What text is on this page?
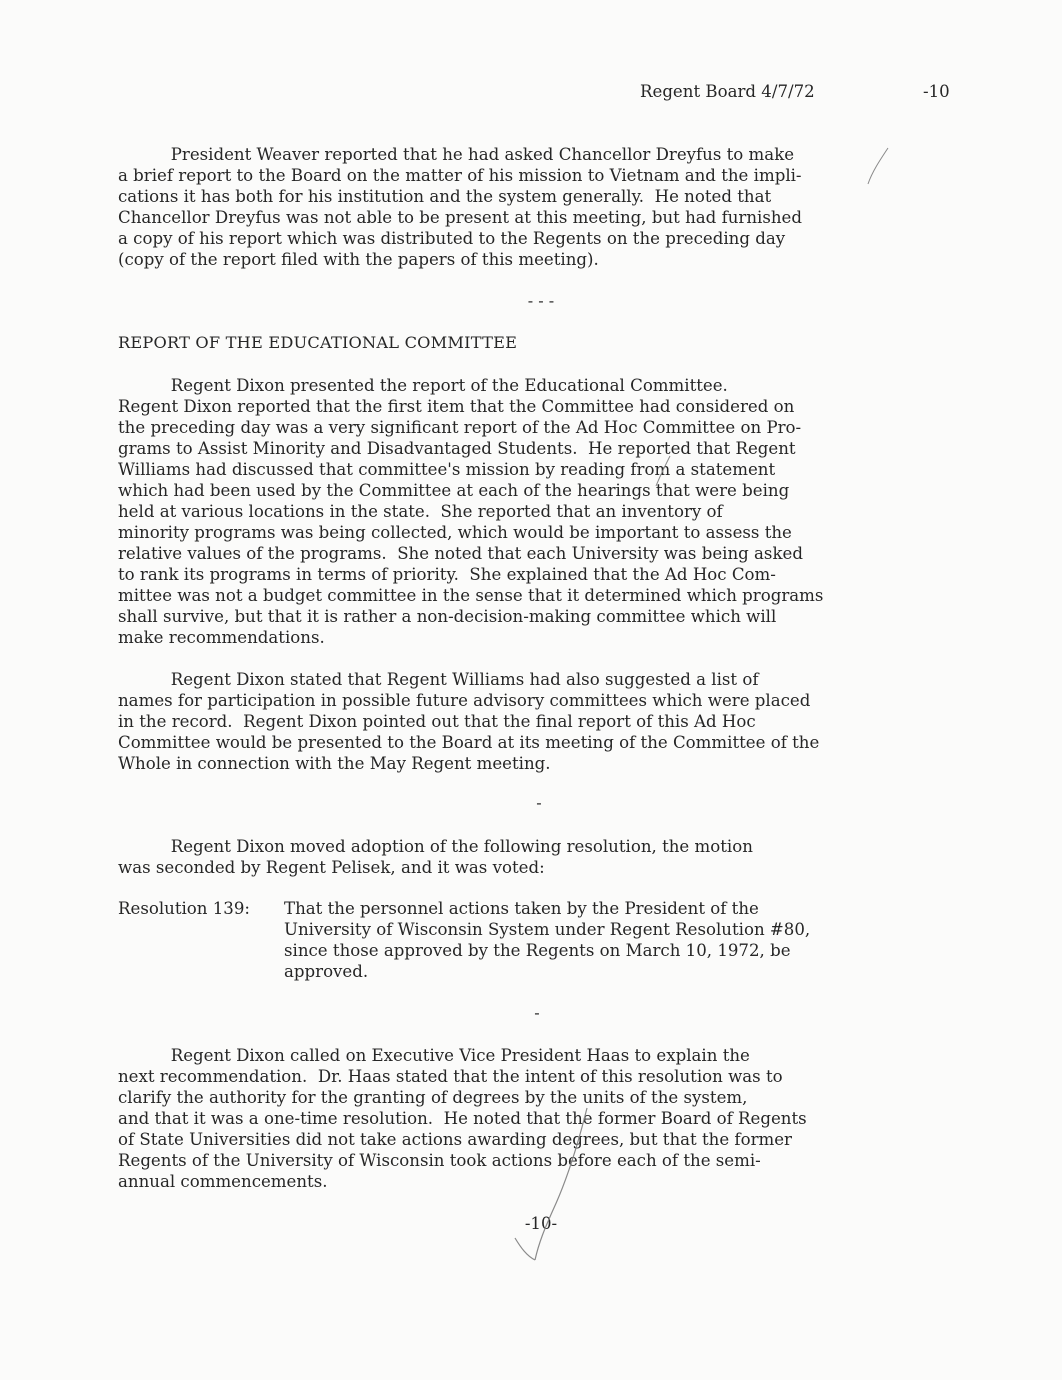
Regent Board 4/7/72	-10

President Weaver reported that he had asked Chancellor Dreyfus to make
a brief report to the Board on the matter of his mission to Vietnam and the impli-
cations it has both for his institution and the system generally.  He noted that
Chancellor Dreyfus was not able to be present at this meeting, but had furnished
a copy of his report which was distributed to the Regents on the preceding day
(copy of the report filed with the papers of this meeting).

- - -
REPORT OF THE EDUCATIONAL COMMITTEE

Regent Dixon presented the report of the Educational Committee.
Regent Dixon reported that the first item that the Committee had considered on
the preceding day was a very significant report of the Ad Hoc Committee on Pro-
grams to Assist Minority and Disadvantaged Students.  He reported that Regent
Williams had discussed that committee's mission by reading from a statement
which had been used by the Committee at each of the hearings that were being
held at various locations in the state.  She reported that an inventory of
minority programs was being collected, which would be important to assess the
relative values of the programs.  She noted that each University was being asked
to rank its programs in terms of priority.  She explained that the Ad Hoc Com-
mittee was not a budget committee in the sense that it determined which programs
shall survive, but that it is rather a non-decision-making committee which will
make recommendations.

Regent Dixon stated that Regent Williams had also suggested a list of
names for participation in possible future advisory committees which were placed
in the record.  Regent Dixon pointed out that the final report of this Ad Hoc
Committee would be presented to the Board at its meeting of the Committee of the
Whole in connection with the May Regent meeting.

-

Regent Dixon moved adoption of the following resolution, the motion
was seconded by Regent Pelisek, and it was voted:

Resolution 139: That the personnel actions taken by the President of the
University of Wisconsin System under Regent Resolution #80,
since those approved by the Regents on March 10, 1972, be
approved.

-

Regent Dixon called on Executive Vice President Haas to explain the
next recommendation.  Dr. Haas stated that the intent of this resolution was to
clarify the authority for the granting of degrees by the units of the system,
and that it was a one-time resolution.  He noted that the former Board of Regents
of State Universities did not take actions awarding degrees, but that the former
Regents of the University of Wisconsin took actions before each of the semi-
annual commencements.

-10-
